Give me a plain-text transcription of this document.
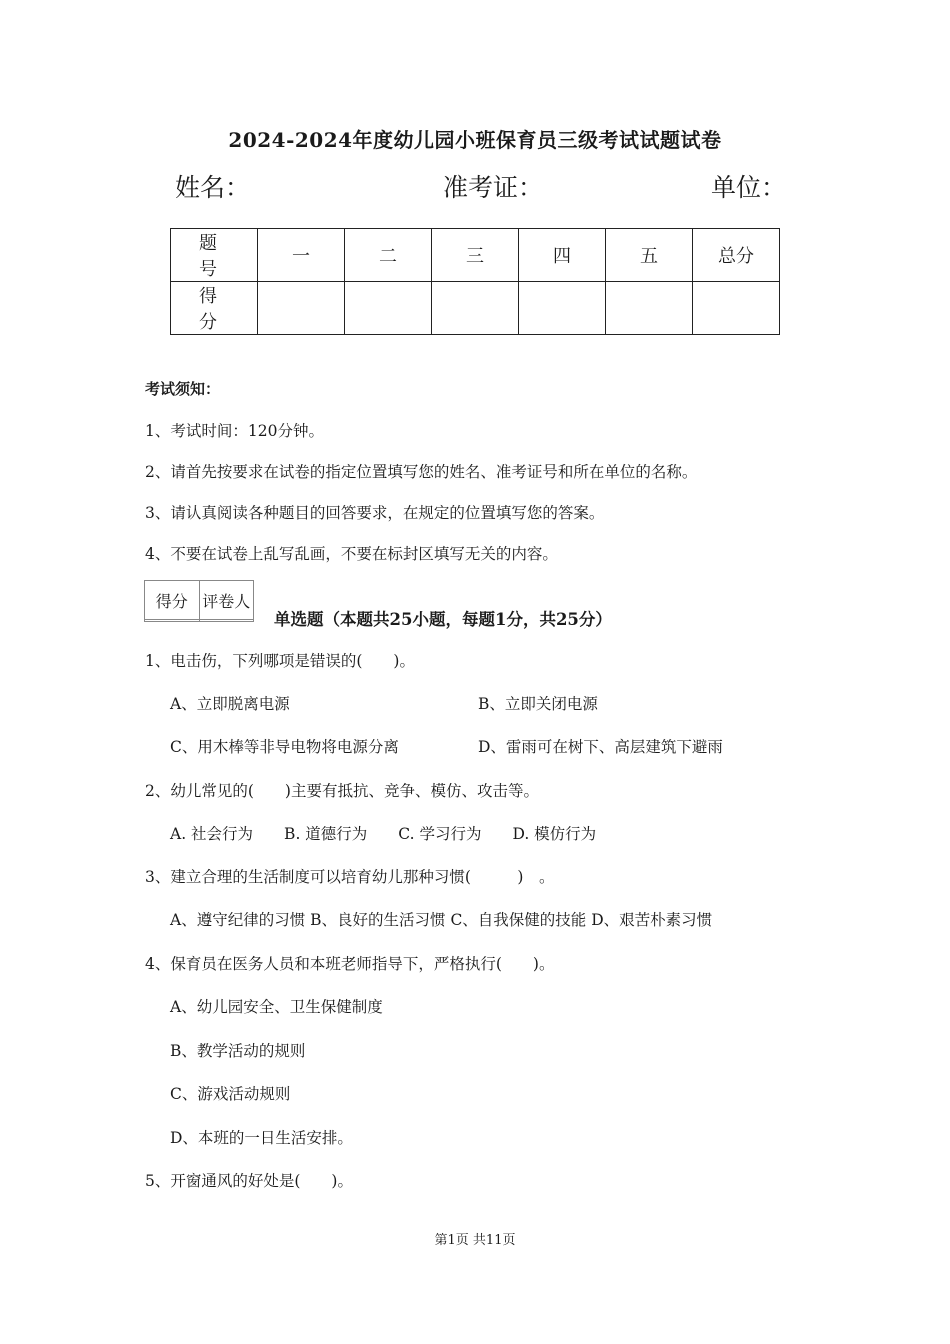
2024-2024年度幼儿园小班保育员三级考试试题试卷
姓名：	准考证：	单位：
题　号	一	二	三	四	五	总分
得　分						
考试须知：
1、考试时间：120分钟。
2、请首先按要求在试卷的指定位置填写您的姓名、准考证号和所在单位的名称。
3、请认真阅读各种题目的回答要求，在规定的位置填写您的答案。
4、不要在试卷上乱写乱画，不要在标封区填写无关的内容。
得分	评卷人

单选题（本题共25小题，每题1分，共25分）
1、电击伤，下列哪项是错误的(　　)。
A、立即脱离电源	B、立即关闭电源
C、用木棒等非导电物将电源分离	D、雷雨可在树下、高层建筑下避雨
2、幼儿常见的(　　)主要有抵抗、竞争、模仿、攻击等。
A. 社会行为　　B. 道德行为　　C. 学习行为　　D. 模仿行为
3、建立合理的生活制度可以培育幼儿那种习惯(　　　)　。
A、遵守纪律的习惯 B、良好的生活习惯 C、自我保健的技能 D、艰苦朴素习惯
4、保育员在医务人员和本班老师指导下，严格执行(　　)。
A、幼儿园安全、卫生保健制度
B、教学活动的规则
C、游戏活动规则
D、本班的一日生活安排。
5、开窗通风的好处是(　　)。
第1页 共11页
